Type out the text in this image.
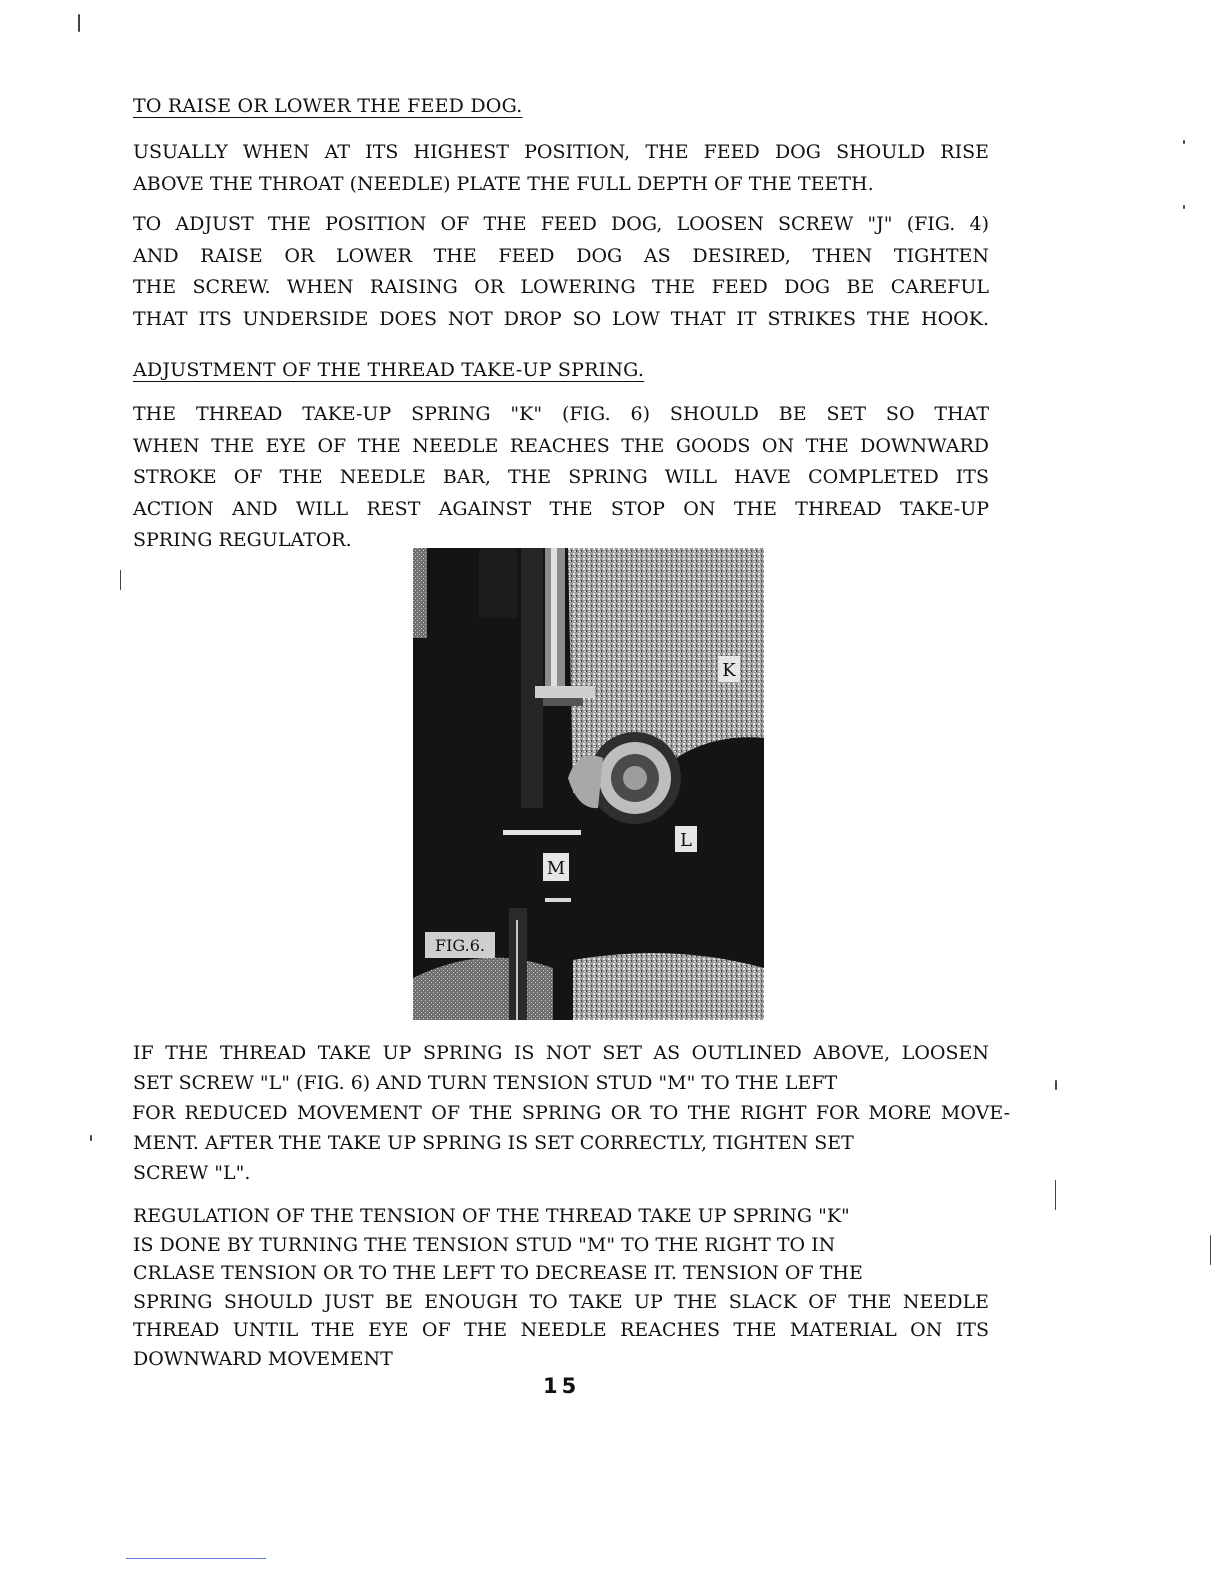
TO RAISE OR LOWER THE FEED DOG.
USUALLY WHEN AT ITS HIGHEST POSITION, THE FEED DOG SHOULD RISE
ABOVE THE THROAT (NEEDLE) PLATE THE FULL DEPTH OF THE TEETH.
TO ADJUST THE POSITION OF THE FEED DOG, LOOSEN SCREW "J" (FIG. 4)
AND RAISE OR LOWER THE FEED DOG AS DESIRED, THEN TIGHTEN
THE SCREW. WHEN RAISING OR LOWERING THE FEED DOG BE CAREFUL
THAT ITS UNDERSIDE DOES NOT DROP SO LOW THAT IT STRIKES THE HOOK.
ADJUSTMENT OF THE THREAD TAKE-UP SPRING.
THE THREAD TAKE-UP SPRING "K" (FIG. 6) SHOULD BE SET SO THAT
WHEN THE EYE OF THE NEEDLE REACHES THE GOODS ON THE DOWNWARD
STROKE OF THE NEEDLE BAR, THE SPRING WILL HAVE COMPLETED ITS
ACTION AND WILL REST AGAINST THE STOP ON THE THREAD TAKE-UP
SPRING REGULATOR.
K
L
M
FIG.6.
IF THE THREAD TAKE UP SPRING IS NOT SET AS OUTLINED ABOVE, LOOSEN
SET SCREW "L" (FIG. 6) AND TURN TENSION STUD "M" TO THE LEFT
FOR REDUCED MOVEMENT OF THE SPRING OR TO THE RIGHT FOR MORE MOVE-
MENT. AFTER THE TAKE UP SPRING IS SET CORRECTLY, TIGHTEN SET
SCREW "L".
REGULATION OF THE TENSION OF THE THREAD TAKE UP SPRING "K"
IS DONE BY TURNING THE TENSION STUD "M" TO THE RIGHT TO IN
CRLASE TENSION OR TO THE LEFT TO DECREASE IT. TENSION OF THE
SPRING SHOULD JUST BE ENOUGH TO TAKE UP THE SLACK OF THE NEEDLE
THREAD UNTIL THE EYE OF THE NEEDLE REACHES THE MATERIAL ON ITS
DOWNWARD MOVEMENT
15
